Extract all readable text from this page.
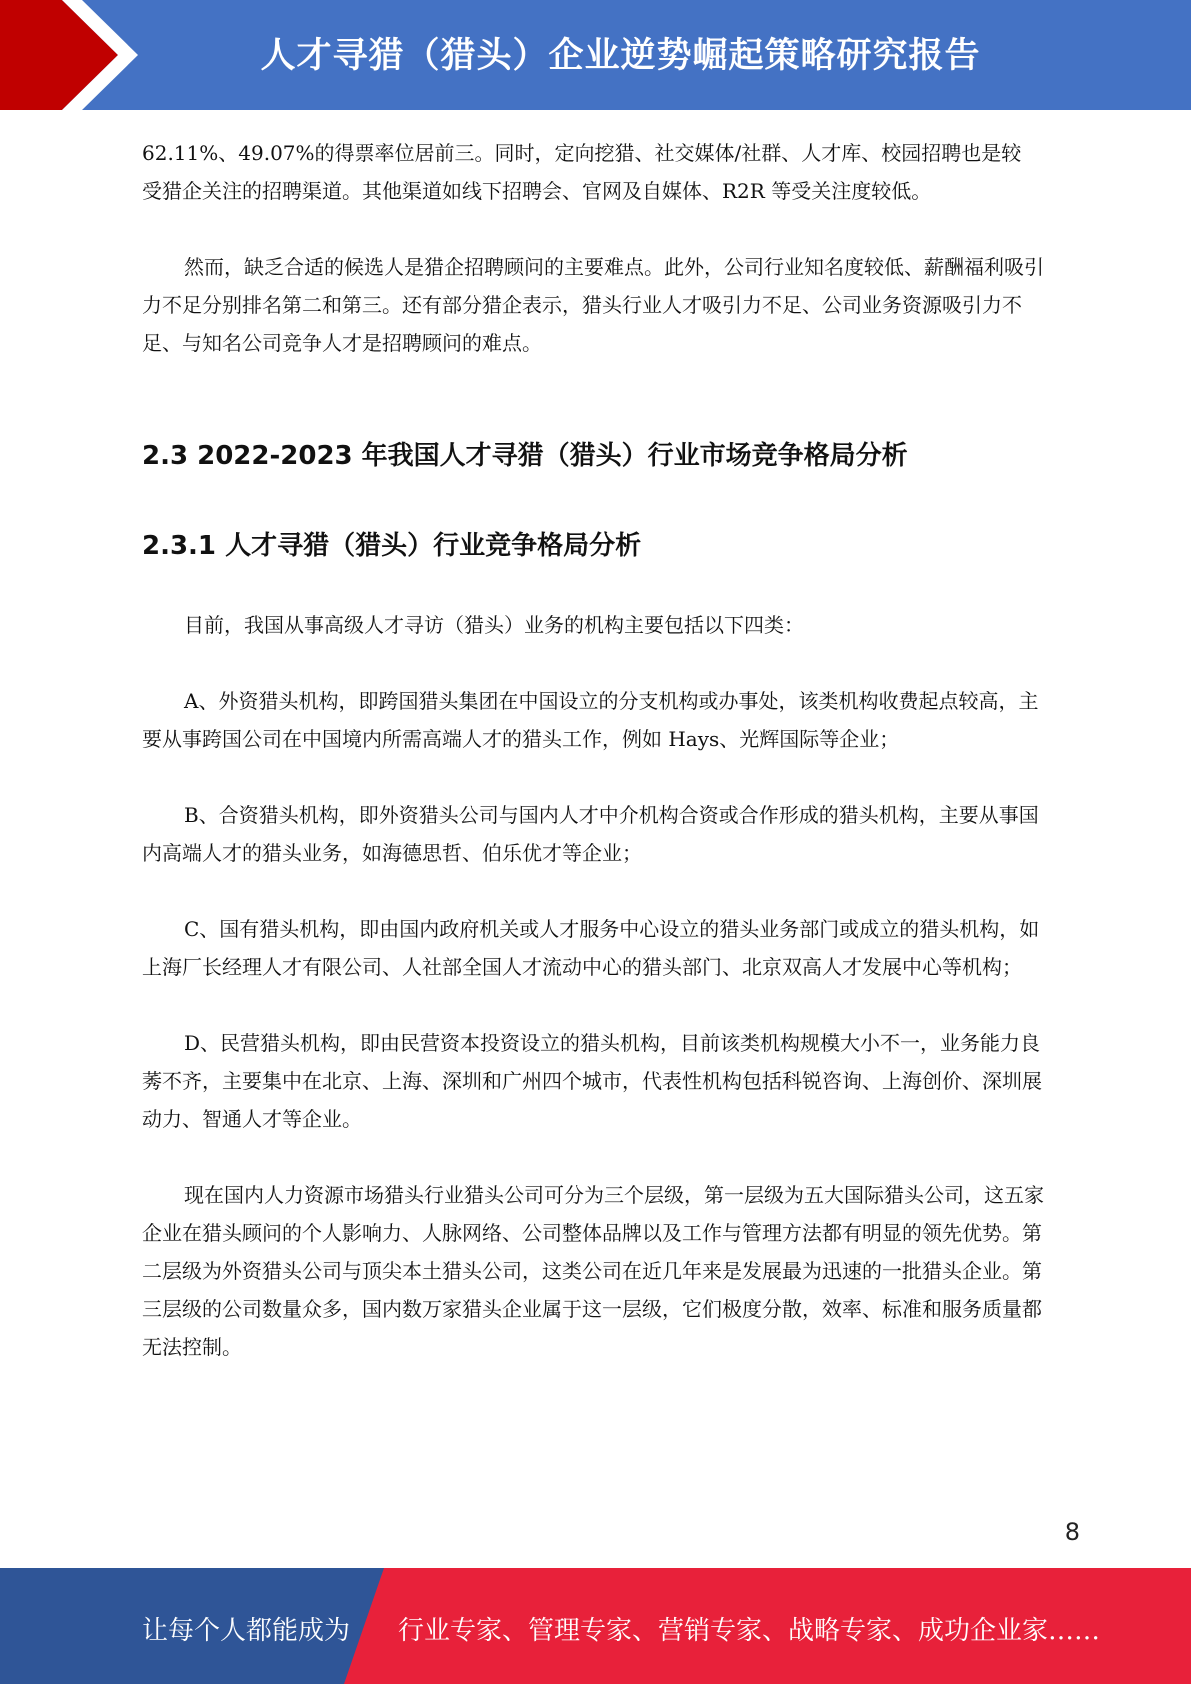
人才寻猎（猎头）企业逆势崛起策略研究报告

62.11%、49.07%的得票率位居前三。同时，定向挖猎、社交媒体/社群、人才库、校园招聘也是较

受猎企关注的招聘渠道。其他渠道如线下招聘会、官网及自媒体、R2R 等受关注度较低。

然而，缺乏合适的候选人是猎企招聘顾问的主要难点。此外，公司行业知名度较低、薪酬福利吸引力不足分别排名第二和第三。还有部分猎企表示，猎头行业人才吸引力不足、公司业务资源吸引力不足、与知名公司竞争人才是招聘顾问的难点。

2.3 2022-2023 年我国人才寻猎（猎头）行业市场竞争格局分析
2.3.1 人才寻猎（猎头）行业竞争格局分析

目前，我国从事高级人才寻访（猎头）业务的机构主要包括以下四类：

A、外资猎头机构，即跨国猎头集团在中国设立的分支机构或办事处，该类机构收费起点较高，主要从事跨国公司在中国境内所需高端人才的猎头工作，例如 Hays、光辉国际等企业；

B、合资猎头机构，即外资猎头公司与国内人才中介机构合资或合作形成的猎头机构，主要从事国内高端人才的猎头业务，如海德思哲、伯乐优才等企业；

C、国有猎头机构，即由国内政府机关或人才服务中心设立的猎头业务部门或成立的猎头机构，如上海厂长经理人才有限公司、人社部全国人才流动中心的猎头部门、北京双高人才发展中心等机构；

D、民营猎头机构，即由民营资本投资设立的猎头机构，目前该类机构规模大小不一，业务能力良莠不齐，主要集中在北京、上海、深圳和广州四个城市，代表性机构包括科锐咨询、上海创价、深圳展动力、智通人才等企业。

现在国内人力资源市场猎头行业猎头公司可分为三个层级，第一层级为五大国际猎头公司，这五家企业在猎头顾问的个人影响力、人脉网络、公司整体品牌以及工作与管理方法都有明显的领先优势。第二层级为外资猎头公司与顶尖本土猎头公司，这类公司在近几年来是发展最为迅速的一批猎头企业。第三层级的公司数量众多，国内数万家猎头企业属于这一层级，它们极度分散，效率、标准和服务质量都无法控制。

8
让每个人都能成为 行业专家、管理专家、营销专家、战略专家、成功企业家……
